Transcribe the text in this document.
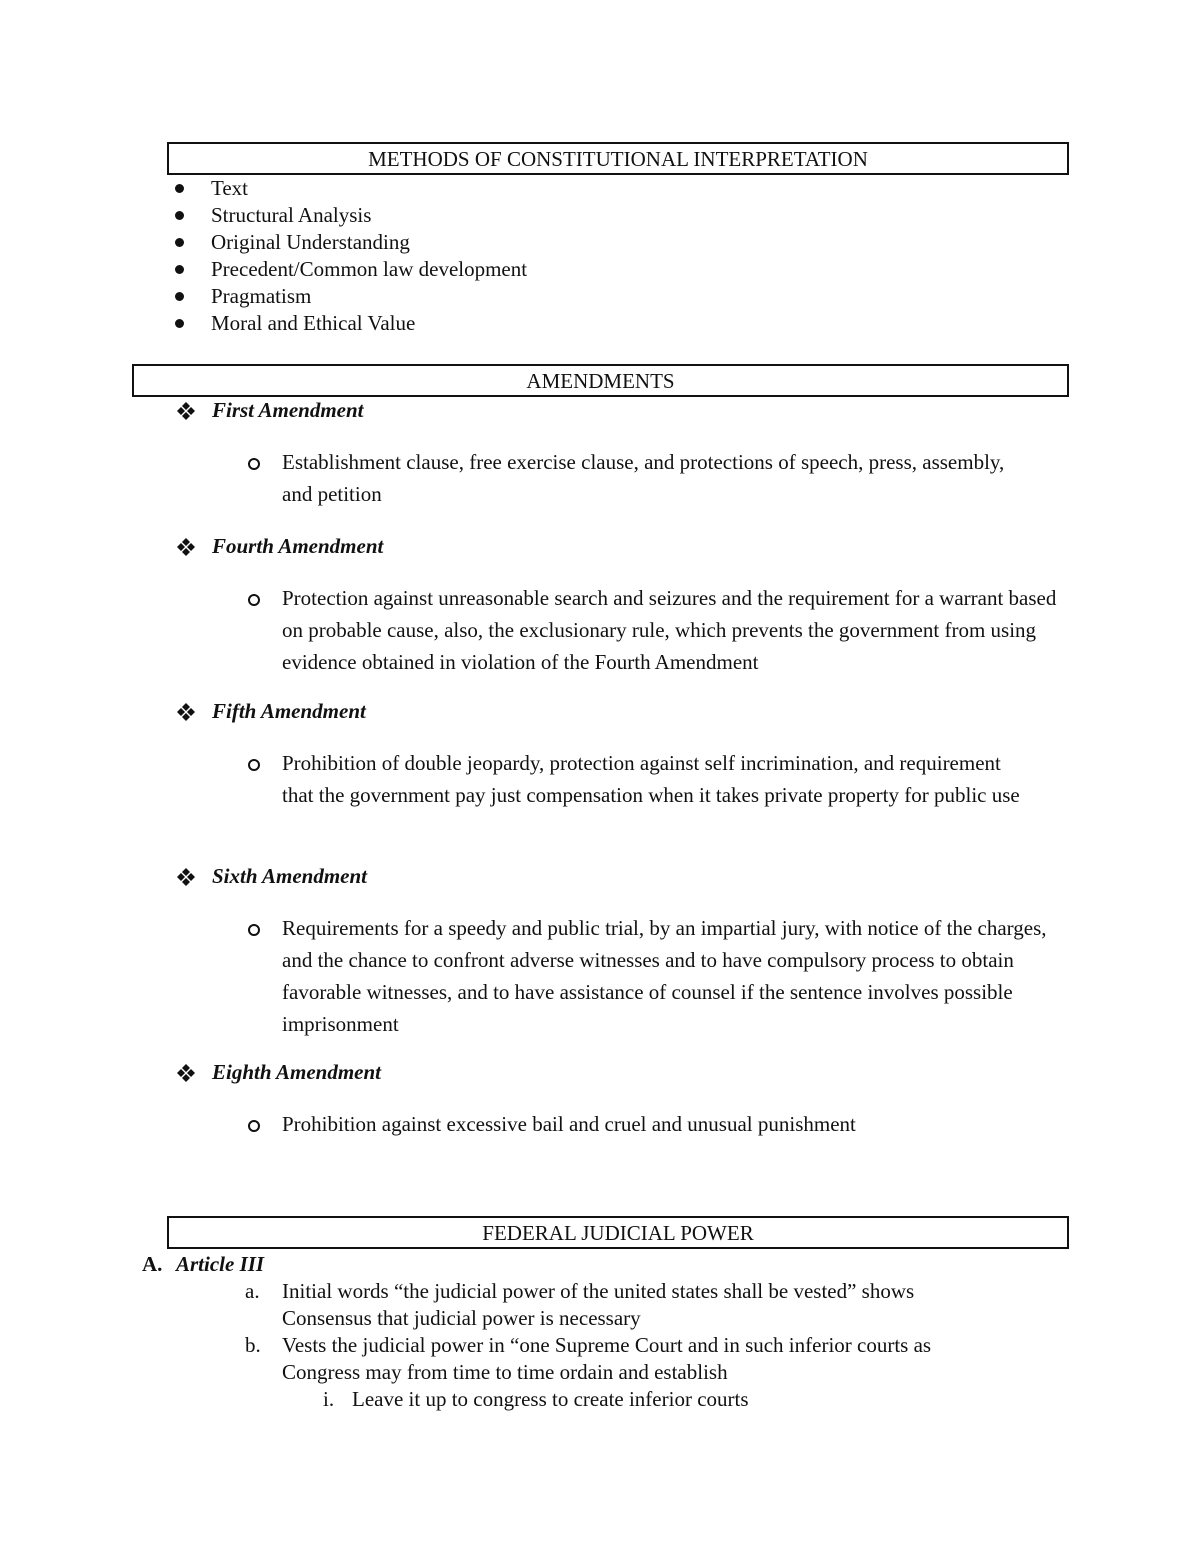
METHODS OF CONSTITUTIONAL INTERPRETATION
Text
Structural Analysis
Original Understanding
Precedent/Common law development
Pragmatism
Moral and Ethical Value
AMENDMENTS
First Amendment
Establishment clause, free exercise clause, and protections of speech, press, assembly, and petition
Fourth Amendment
Protection against unreasonable search and seizures and the requirement for a warrant based on probable cause, also, the exclusionary rule, which prevents the government from using evidence obtained in violation of the Fourth Amendment
Fifth Amendment
Prohibition of double jeopardy, protection against self incrimination, and requirement that the government pay just compensation when it takes private property for public use
Sixth Amendment
Requirements for a speedy and public trial, by an impartial jury, with notice of the charges, and the chance to confront adverse witnesses and to have compulsory process to obtain favorable witnesses, and to have assistance of counsel if the sentence involves possible imprisonment
Eighth Amendment
Prohibition against excessive bail and cruel and unusual punishment
FEDERAL JUDICIAL POWER
A. Article III
a. Initial words “the judicial power of the united states shall be vested” shows
Consensus that judicial power is necessary
b. Vests the judicial power in “one Supreme Court and in such inferior courts as
Congress may from time to time ordain and establish
i. Leave it up to congress to create inferior courts
